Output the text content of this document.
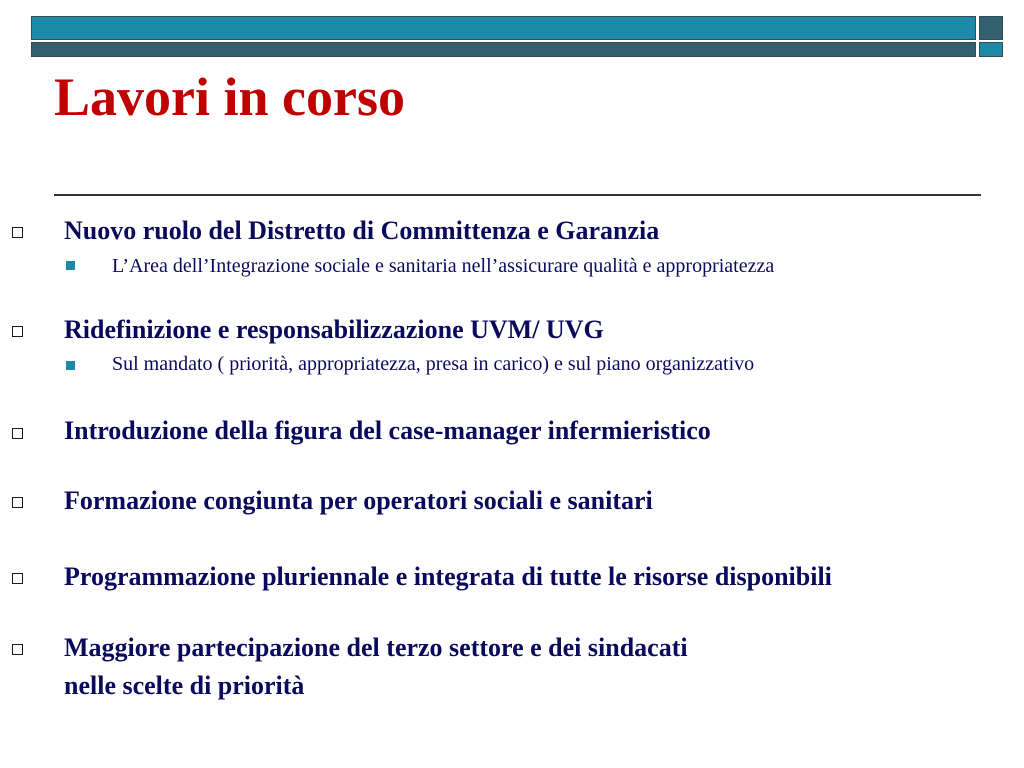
Lavori in corso
Nuovo ruolo del Distretto di Committenza e Garanzia
L’Area dell’Integrazione sociale e sanitaria nell’assicurare qualità e appropriatezza
Ridefinizione e responsabilizzazione UVM/ UVG
Sul mandato ( priorità, appropriatezza, presa in carico) e sul piano organizzativo
Introduzione della figura del case-manager infermieristico
Formazione congiunta per operatori sociali e sanitari
Programmazione pluriennale e integrata di tutte le risorse disponibili
Maggiore partecipazione del terzo settore e dei sindacati
nelle scelte di priorità
